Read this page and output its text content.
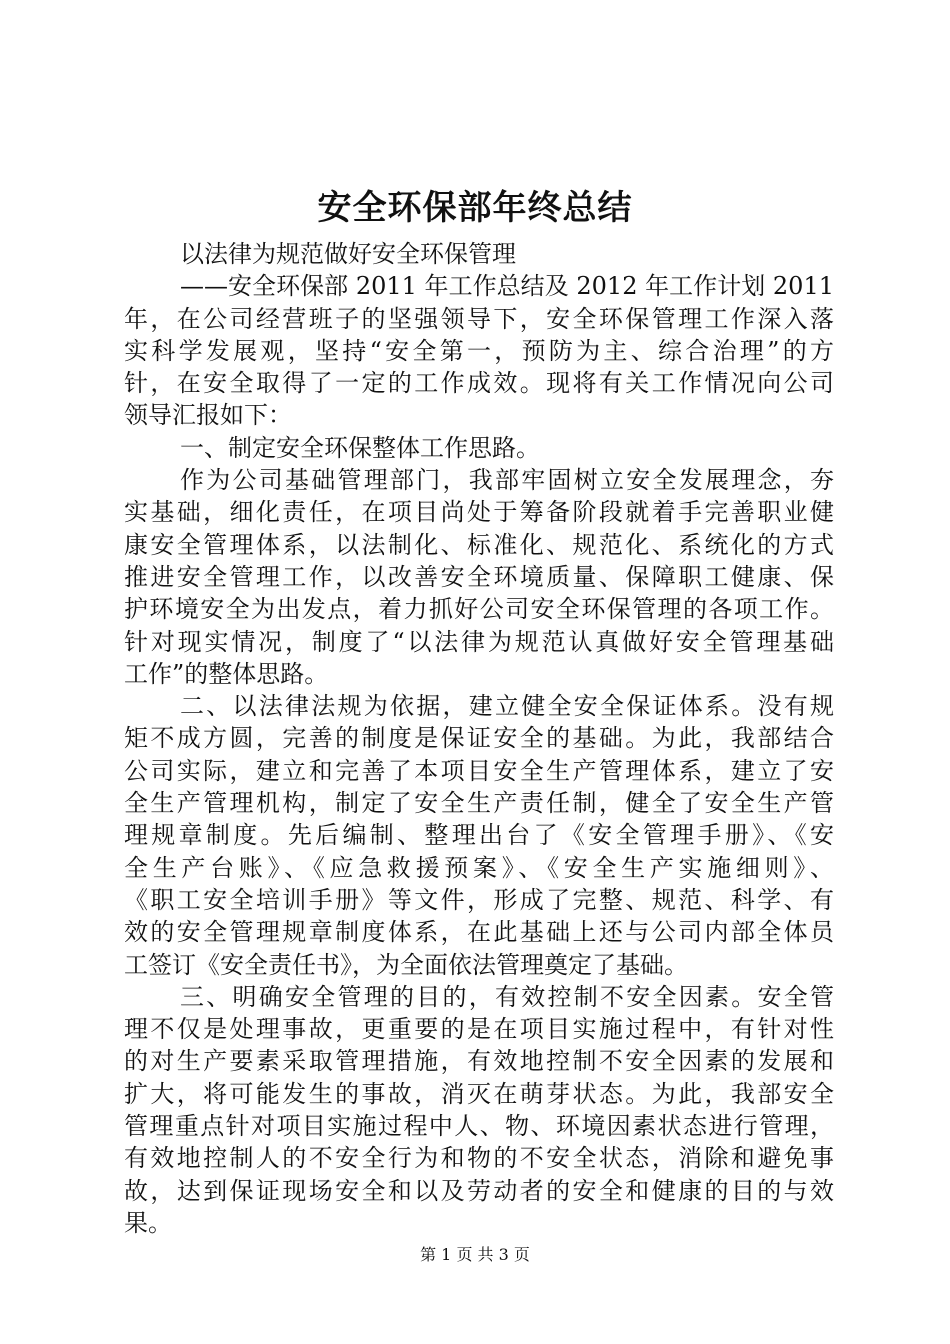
安全环保部年终总结

以法律为规范做好安全环保管理

——安全环保部 2011 年工作总结及 2012 年工作计划 2011

年，在公司经营班子的坚强领导下，安全环保管理工作深入落

实科学发展观，坚持“安全第一，预防为主、综合治理”的方

针，在安全取得了一定的工作成效。现将有关工作情况向公司

领导汇报如下：

一、制定安全环保整体工作思路。

作为公司基础管理部门，我部牢固树立安全发展理念，夯

实基础，细化责任，在项目尚处于筹备阶段就着手完善职业健

康安全管理体系，以法制化、标准化、规范化、系统化的方式

推进安全管理工作，以改善安全环境质量、保障职工健康、保

护环境安全为出发点，着力抓好公司安全环保管理的各项工作。

针对现实情况，制度了“以法律为规范认真做好安全管理基础

工作”的整体思路。

二、以法律法规为依据，建立健全安全保证体系。没有规

矩不成方圆，完善的制度是保证安全的基础。为此，我部结合

公司实际，建立和完善了本项目安全生产管理体系，建立了安

全生产管理机构，制定了安全生产责任制，健全了安全生产管

理规章制度。先后编制、整理出台了《安全管理手册》、《安

全生产台账》、《应急救援预案》、《安全生产实施细则》、

《职工安全培训手册》等文件，形成了完整、规范、科学、有

效的安全管理规章制度体系，在此基础上还与公司内部全体员

工签订《安全责任书》，为全面依法管理奠定了基础。

三、明确安全管理的目的，有效控制不安全因素。安全管

理不仅是处理事故，更重要的是在项目实施过程中，有针对性

的对生产要素采取管理措施，有效地控制不安全因素的发展和

扩大，将可能发生的事故，消灭在萌芽状态。为此，我部安全

管理重点针对项目实施过程中人、物、环境因素状态进行管理，

有效地控制人的不安全行为和物的不安全状态，消除和避免事

故，达到保证现场安全和以及劳动者的安全和健康的目的与效

果。

第 1 页 共 3 页
